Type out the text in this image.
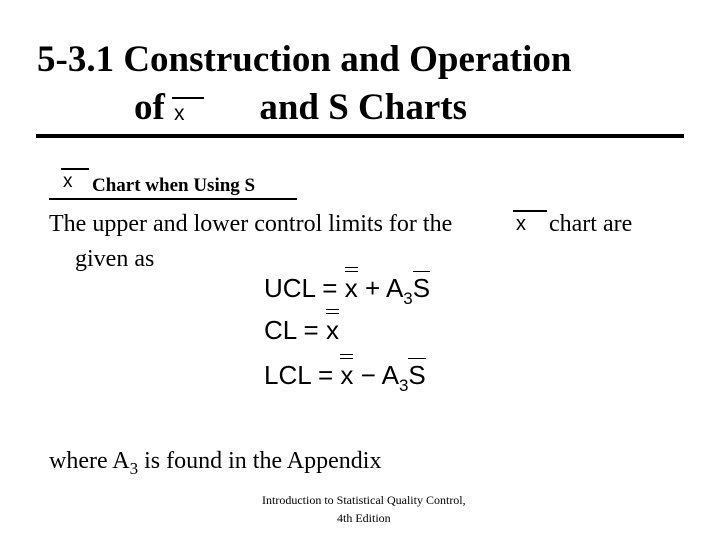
5-3.1 Construction and Operation
of	and S Charts
x
x Chart when Using S
The upper and lower control limits for the	x chart are
given as
UCL = $x + A_3S$
CL = x
LCL = $x - A_3S$
where $A_3$ is found in the Appendix
Introduction to Statistical Quality Control,
4th Edition
